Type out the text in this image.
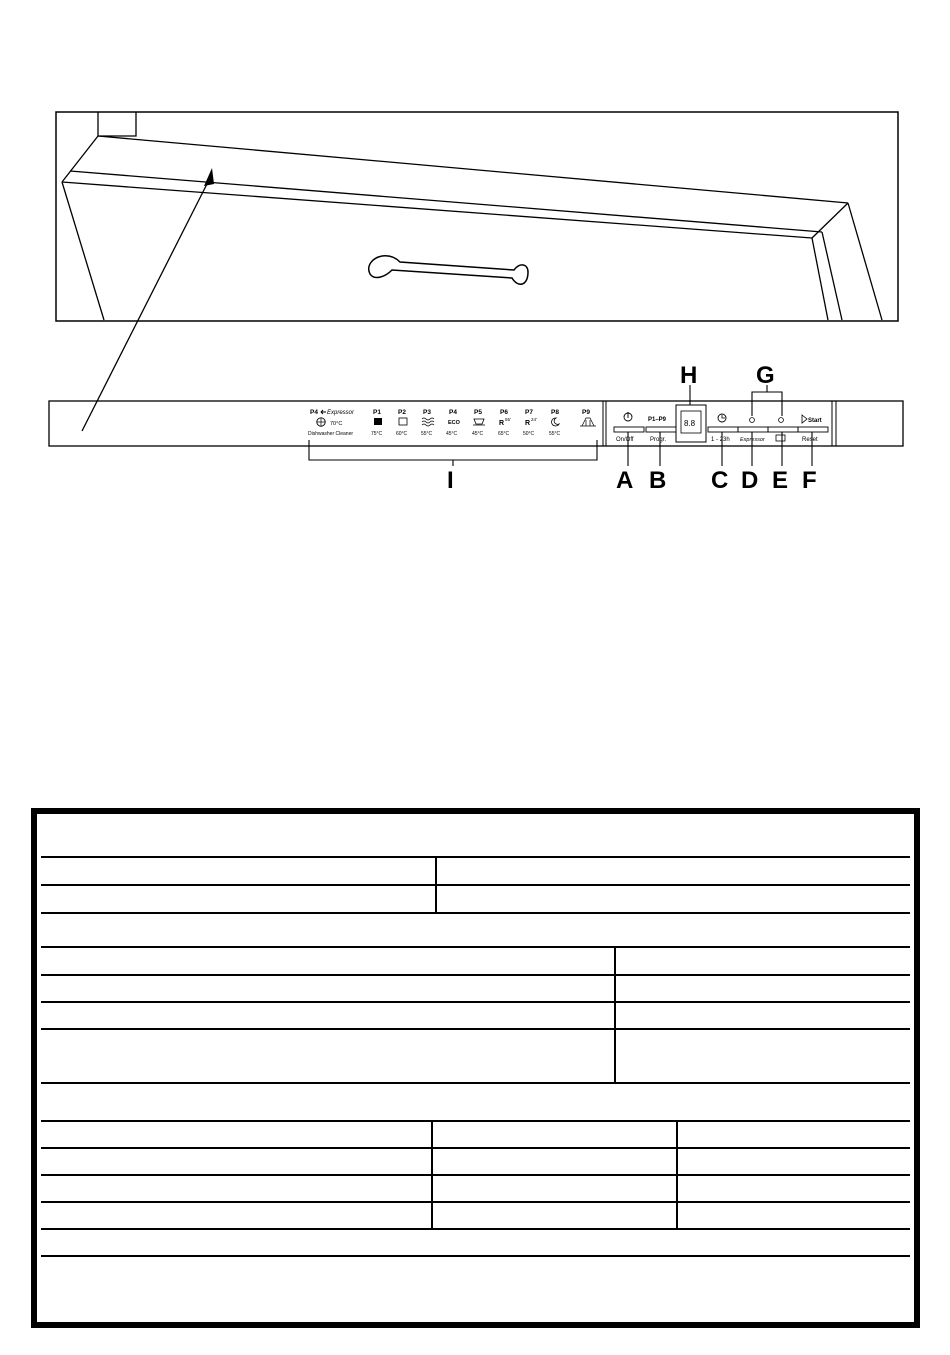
P4 Expressor
70°C
Dishwasher Cleaner
P1
75°C
P2
60°C
P3
55°C
P4
ECO
45°C
P5
45°C
P6
R
55'
65°C
P7
R
24'
50°C
P8
55°C
P9
On/Off
P1–P9
Progr.
8.8
1 - 23h Expressor
Start
Reset
H G
I	A B C D E F
